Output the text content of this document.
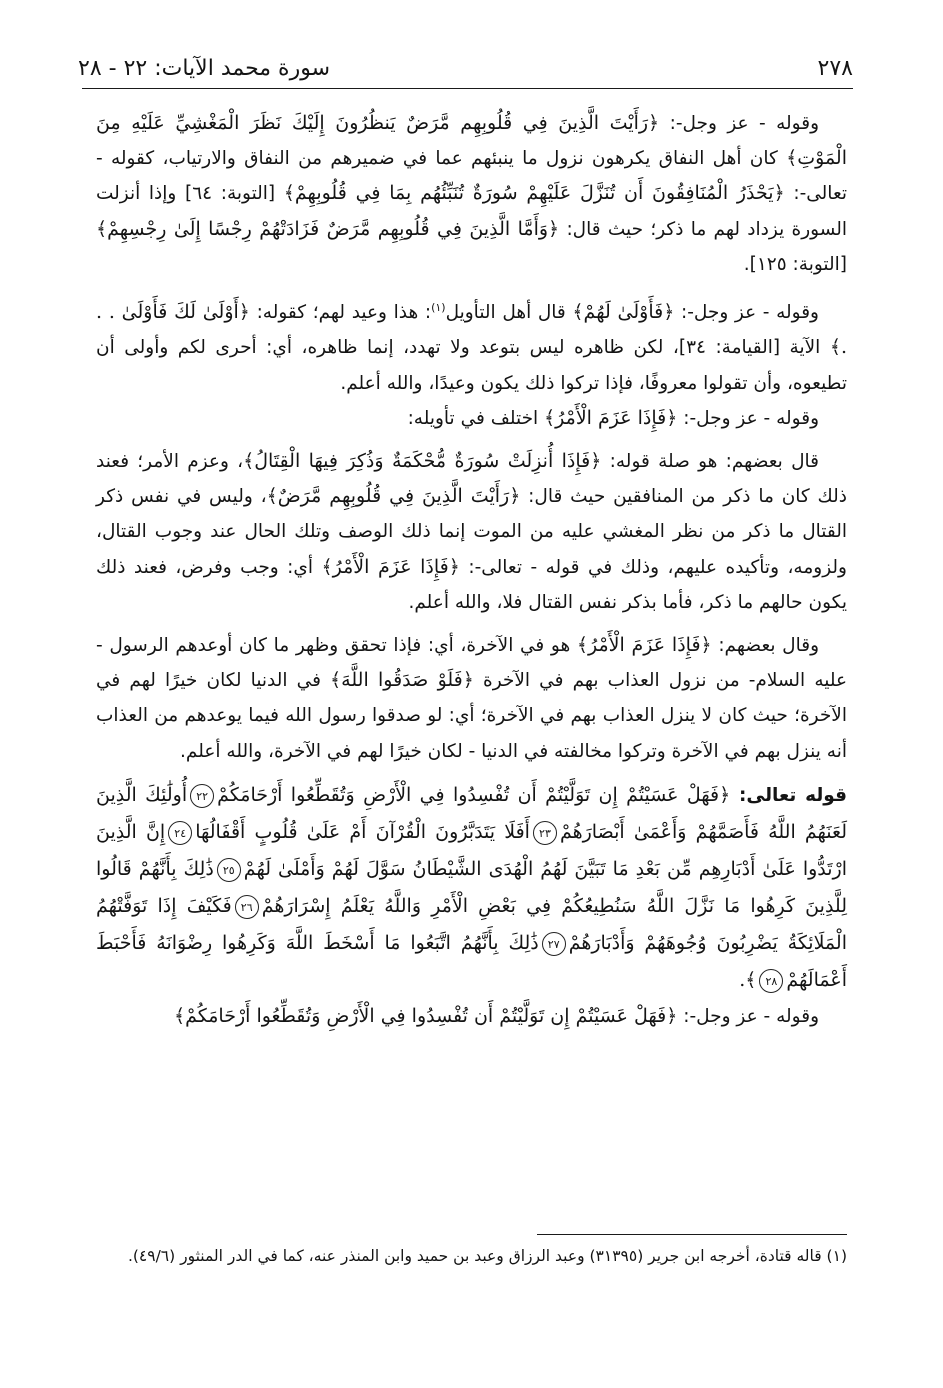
٢٧٨
سورة محمد الآيات: ٢٢ - ٢٨

وقوله - عز وجل-: ﴿رَأَيْتَ الَّذِينَ فِي قُلُوبِهِم مَّرَضٌ يَنظُرُونَ إِلَيْكَ نَظَرَ الْمَغْشِيِّ عَلَيْهِ مِنَ الْمَوْتِ﴾ كان أهل النفاق يكرهون نزول ما ينبئهم عما في ضميرهم من النفاق والارتياب، كقوله - تعالى-: ﴿يَحْذَرُ الْمُنَافِقُونَ أَن تُنَزَّلَ عَلَيْهِمْ سُورَةٌ تُنَبِّئُهُم بِمَا فِي قُلُوبِهِمْ﴾ [التوبة: ٦٤] وإذا أنزلت السورة يزداد لهم ما ذكر؛ حيث قال: ﴿وَأَمَّا الَّذِينَ فِي قُلُوبِهِم مَّرَضٌ فَزَادَتْهُمْ رِجْسًا إِلَىٰ رِجْسِهِمْ﴾ [التوبة: ١٢٥].

وقوله - عز وجل-: ﴿فَأَوْلَىٰ لَهُمْ﴾ قال أهل التأويل$^{(١)}$: هذا وعيد لهم؛ كقوله: ﴿أَوْلَىٰ لَكَ فَأَوْلَىٰ . . .﴾ الآية [القيامة: ٣٤]، لكن ظاهره ليس بتوعد ولا تهدد، إنما ظاهره، أي: أحرى لكم وأولى أن تطيعوه، وأن تقولوا معروفًا، فإذا تركوا ذلك يكون وعيدًا، والله أعلم.

وقوله - عز وجل-: ﴿فَإِذَا عَزَمَ الْأَمْرُ﴾ اختلف في تأويله:

قال بعضهم: هو صلة قوله: ﴿فَإِذَا أُنزِلَتْ سُورَةٌ مُّحْكَمَةٌ وَذُكِرَ فِيهَا الْقِتَالُ﴾، وعزم الأمر؛ فعند ذلك كان ما ذكر من المنافقين حيث قال: ﴿رَأَيْتَ الَّذِينَ فِي قُلُوبِهِم مَّرَضٌ﴾، وليس في نفس ذكر القتال ما ذكر من نظر المغشي عليه من الموت إنما ذلك الوصف وتلك الحال عند وجوب القتال، ولزومه، وتأكيده عليهم، وذلك في قوله - تعالى-: ﴿فَإِذَا عَزَمَ الْأَمْرُ﴾ أي: وجب وفرض، فعند ذلك يكون حالهم ما ذكر، فأما بذكر نفس القتال فلا، والله أعلم.

وقال بعضهم: ﴿فَإِذَا عَزَمَ الْأَمْرُ﴾ هو في الآخرة، أي: فإذا تحقق وظهر ما كان أوعدهم الرسول - عليه السلام- من نزول العذاب بهم في الآخرة ﴿فَلَوْ صَدَقُوا اللَّهَ﴾ في الدنيا لكان خيرًا لهم في الآخرة؛ حيث كان لا ينزل العذاب بهم في الآخرة؛ أي: لو صدقوا رسول الله فيما يوعدهم من العذاب أنه ينزل بهم في الآخرة وتركوا مخالفته في الدنيا - لكان خيرًا لهم في الآخرة، والله أعلم.

قوله تعالى: ﴿فَهَلْ عَسَيْتُمْ إِن تَوَلَّيْتُمْ أَن تُفْسِدُوا فِي الْأَرْضِ وَتُقَطِّعُوا أَرْحَامَكُمْ٢٢أُولَٰئِكَ الَّذِينَ لَعَنَهُمُ اللَّهُ فَأَصَمَّهُمْ وَأَعْمَىٰ أَبْصَارَهُمْ٢٣أَفَلَا يَتَدَبَّرُونَ الْقُرْآنَ أَمْ عَلَىٰ قُلُوبٍ أَقْفَالُهَا٢٤إِنَّ الَّذِينَ ارْتَدُّوا عَلَىٰ أَدْبَارِهِم مِّن بَعْدِ مَا تَبَيَّنَ لَهُمُ الْهُدَى الشَّيْطَانُ سَوَّلَ لَهُمْ وَأَمْلَىٰ لَهُمْ٢٥ذَٰلِكَ بِأَنَّهُمْ قَالُوا لِلَّذِينَ كَرِهُوا مَا نَزَّلَ اللَّهُ سَنُطِيعُكُمْ فِي بَعْضِ الْأَمْرِ وَاللَّهُ يَعْلَمُ إِسْرَارَهُمْ٢٦فَكَيْفَ إِذَا تَوَفَّتْهُمُ الْمَلَائِكَةُ يَضْرِبُونَ وُجُوهَهُمْ وَأَدْبَارَهُمْ٢٧ذَٰلِكَ بِأَنَّهُمُ اتَّبَعُوا مَا أَسْخَطَ اللَّهَ وَكَرِهُوا رِضْوَانَهُ فَأَحْبَطَ أَعْمَالَهُمْ٢٨﴾.

وقوله - عز وجل-: ﴿فَهَلْ عَسَيْتُمْ إِن تَوَلَّيْتُمْ أَن تُفْسِدُوا فِي الْأَرْضِ وَتُقَطِّعُوا أَرْحَامَكُمْ﴾

(١) قاله قتادة، أخرجه ابن جرير (٣١٣٩٥) وعبد الرزاق وعبد بن حميد وابن المنذر عنه، كما في الدر المنثور (٤٩/٦).
